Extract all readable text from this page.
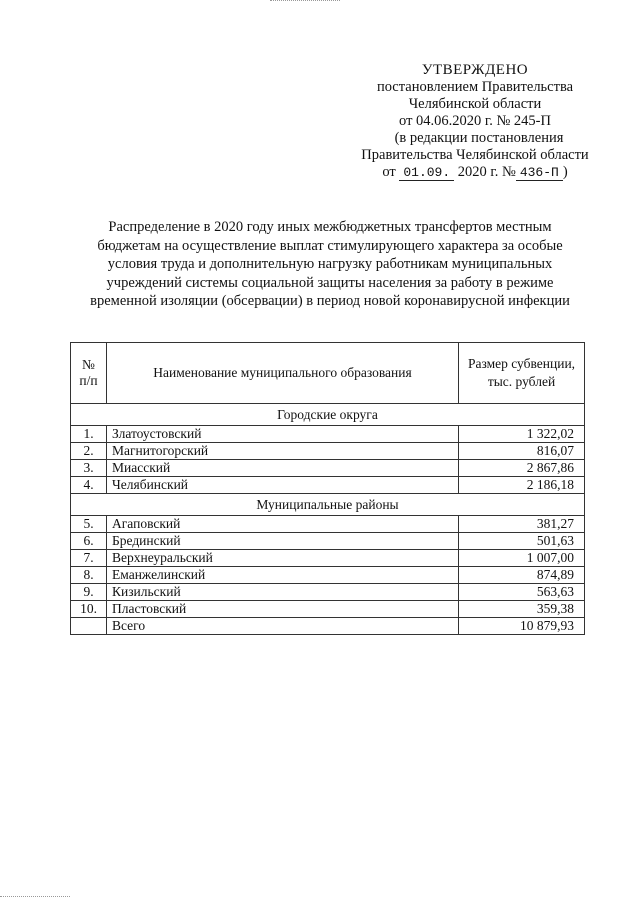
УТВЕРЖДЕНО
постановлением Правительства
Челябинской области
от 04.06.2020 г. № 245-П
(в редакции постановления
Правительства Челябинской области
от 01.09. 2020 г. № 436-П )
Распределение в 2020 году иных межбюджетных трансфертов местным бюджетам на осуществление выплат стимулирующего характера за особые условия труда и дополнительную нагрузку работникам муниципальных учреждений системы социальной защиты населения за работу в режиме временной изоляции (обсервации) в период новой коронавирусной инфекции
№ п/п	Наименование муниципального образования	Размер субвенции, тыс. рублей
Городские округа		
1.	Златоустовский	1 322,02
2.	Магнитогорский	816,07
3.	Миасский	2 867,86
4.	Челябинский	2 186,18
Муниципальные районы		
5.	Агаповский	381,27
6.	Брединский	501,63
7.	Верхнеуральский	1 007,00
8.	Еманжелинский	874,89
9.	Кизильский	563,63
10.	Пластовский	359,38
	Всего	10 879,93
